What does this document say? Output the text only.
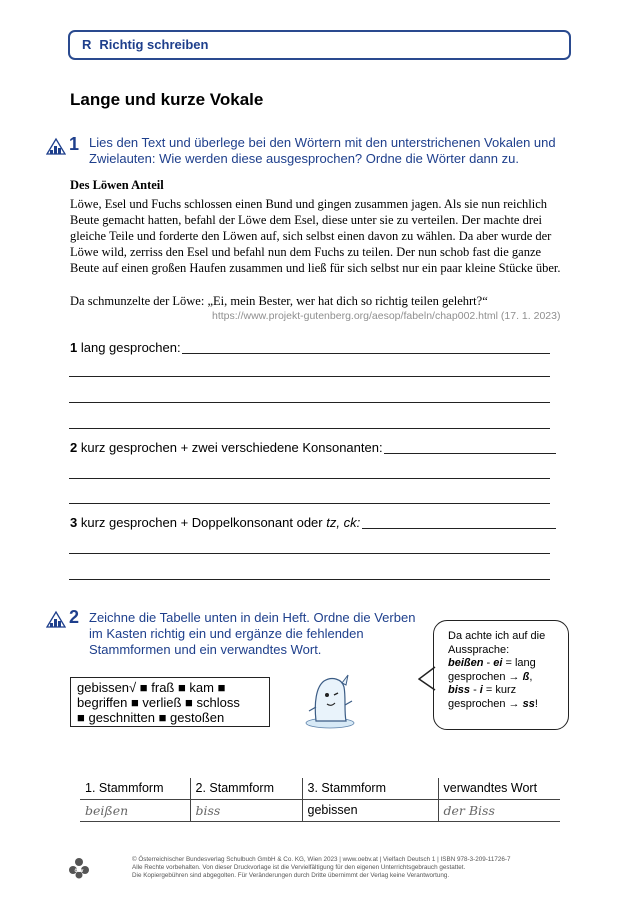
R Richtig schreiben
Lange und kurze Vokale
1 Lies den Text und überlege bei den Wörtern mit den unterstrichenen Vokalen und
Zwielauten: Wie werden diese ausgesprochen? Ordne die Wörter dann zu.
Des Löwen Anteil
Löwe, Esel und Fuchs schlossen einen Bund und gingen zusammen jagen. Als sie nun reichlich Beute gemacht hatten, befahl der Löwe dem Esel, diese unter sie zu verteilen. Der machte drei gleiche Teile und forderte den Löwen auf, sich selbst einen davon zu wählen. Da aber wurde der Löwe wild, zerriss den Esel und befahl nun dem Fuchs zu teilen. Der nun schob fast die ganze Beute auf einen großen Haufen zusammen und ließ für sich selbst nur ein paar kleine Stücke über.
Da schmunzelte der Löwe: „Ei, mein Bester, wer hat dich so richtig teilen gelehrt?“
https://www.projekt-gutenberg.org/aesop/fabeln/chap002.html (17. 1. 2023)
1 lang gesprochen:
2 kurz gesprochen + zwei verschiedene Konsonanten:
3 kurz gesprochen + Doppelkonsonant oder tz, ck:
2 Zeichne die Tabelle unten in dein Heft. Ordne die Verben
im Kasten richtig ein und ergänze die fehlenden
Stammformen und ein verwandtes Wort.
gebissen√ ■ fraß ■ kam ■
begriffen ■ verließ ■ schloss
■ geschnitten ■ gestoßen
Da achte ich auf die
Aussprache:
beißen - ei = lang
gesprochen → ß,
biss - i = kurz
gesprochen → ss!
1. Stammform	2. Stammform	3. Stammform	verwandtes Wort
beißen	biss	gebissen	der Biss
öbv
© Österreichischer Bundesverlag Schulbuch GmbH & Co. KG, Wien 2023 | www.oebv.at | Vielfach Deutsch 1 | ISBN 978-3-209-11726-7
Alle Rechte vorbehalten. Von dieser Druckvorlage ist die Vervielfältigung für den eigenen Unterrichtsgebrauch gestattet.
Die Kopiergebühren sind abgegolten. Für Veränderungen durch Dritte übernimmt der Verlag keine Verantwortung.
